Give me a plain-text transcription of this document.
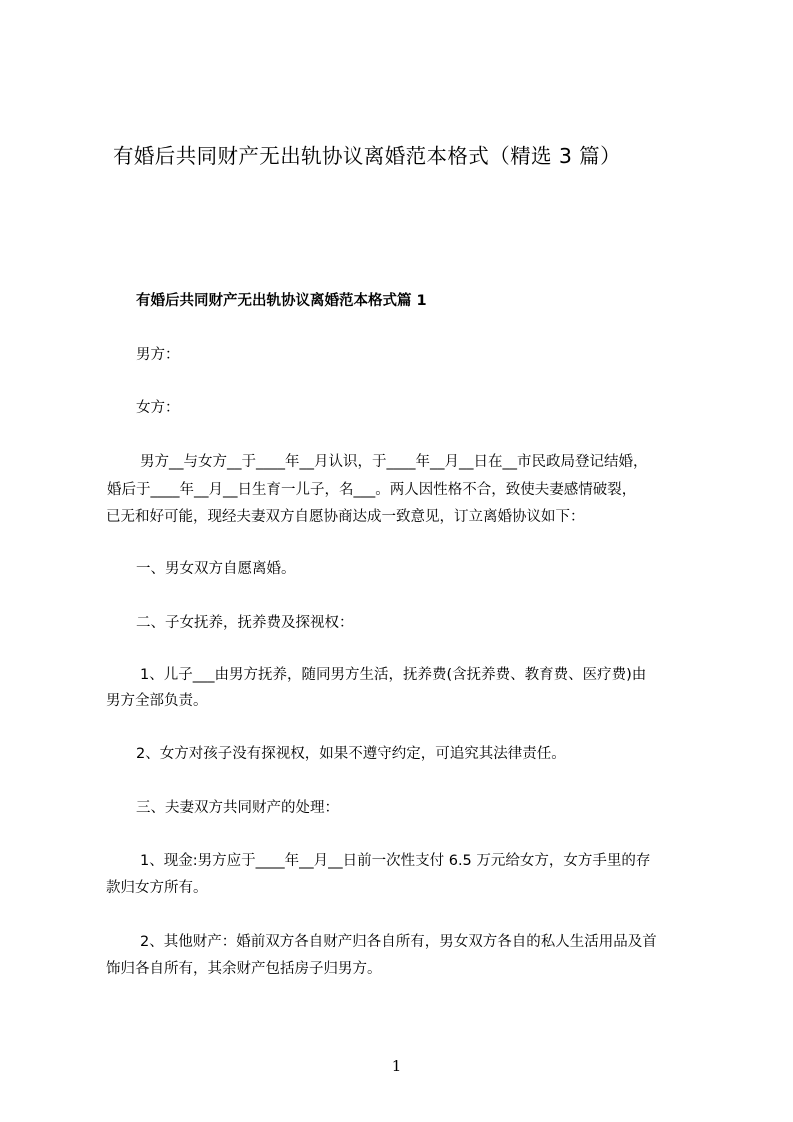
有婚后共同财产无出轨协议离婚范本格式（精选 3 篇）
有婚后共同财产无出轨协议离婚范本格式篇 1
男方：
女方：
男方__与女方__于____年__月认识，于____年__月__日在__市民政局登记结婚，
婚后于____年__月__日生育一儿子，名___。两人因性格不合，致使夫妻感情破裂，
已无和好可能，现经夫妻双方自愿协商达成一致意见，订立离婚协议如下：
一、男女双方自愿离婚。
二、子女抚养，抚养费及探视权：
1、儿子___由男方抚养，随同男方生活，抚养费(含抚养费、教育费、医疗费)由
男方全部负责。
2、女方对孩子没有探视权，如果不遵守约定，可追究其法律责任。
三、夫妻双方共同财产的处理：
1、现金:男方应于____年__月__日前一次性支付 6.5 万元给女方，女方手里的存
款归女方所有。
2、其他财产：婚前双方各自财产归各自所有，男女双方各自的私人生活用品及首
饰归各自所有，其余财产包括房子归男方。
1
